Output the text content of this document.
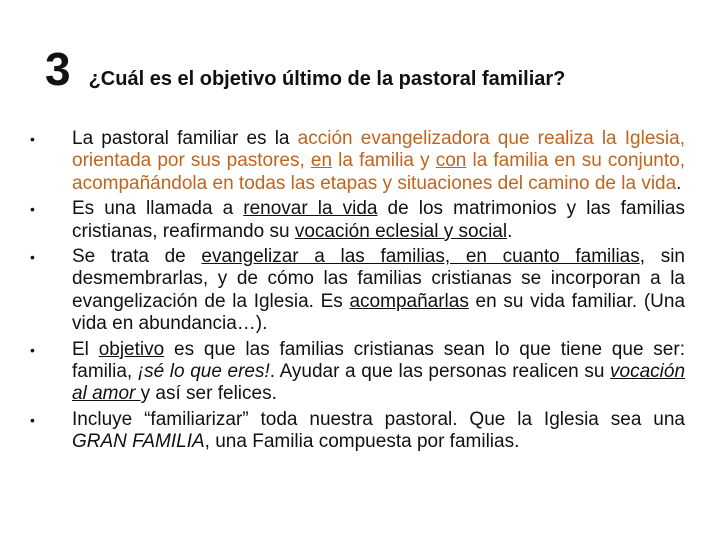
3 ¿Cuál es el objetivo último de la pastoral familiar?
•	La pastoral familiar es la acción evangelizadora que realiza la Iglesia, orientada por sus pastores, en la familia y con la familia en su conjunto, acompañándola en todas las etapas y situaciones del camino de la vida.
•	Es una llamada a renovar la vida de los matrimonios y las familias cristianas, reafirmando su vocación eclesial y social.
•	Se trata de evangelizar a las familias, en cuanto familias, sin desmembrarlas, y de cómo las familias cristianas se incorporan a la evangelización de la Iglesia. Es acompañarlas en su vida familiar. (Una vida en abundancia…).
•	El objetivo es que las familias cristianas sean lo que tiene que ser: familia, ¡sé lo que eres!. Ayudar a que las personas realicen su vocación al amor y así ser felices.
•	Incluye “familiarizar” toda nuestra pastoral. Que la Iglesia sea una GRAN FAMILIA, una Familia compuesta por familias.
